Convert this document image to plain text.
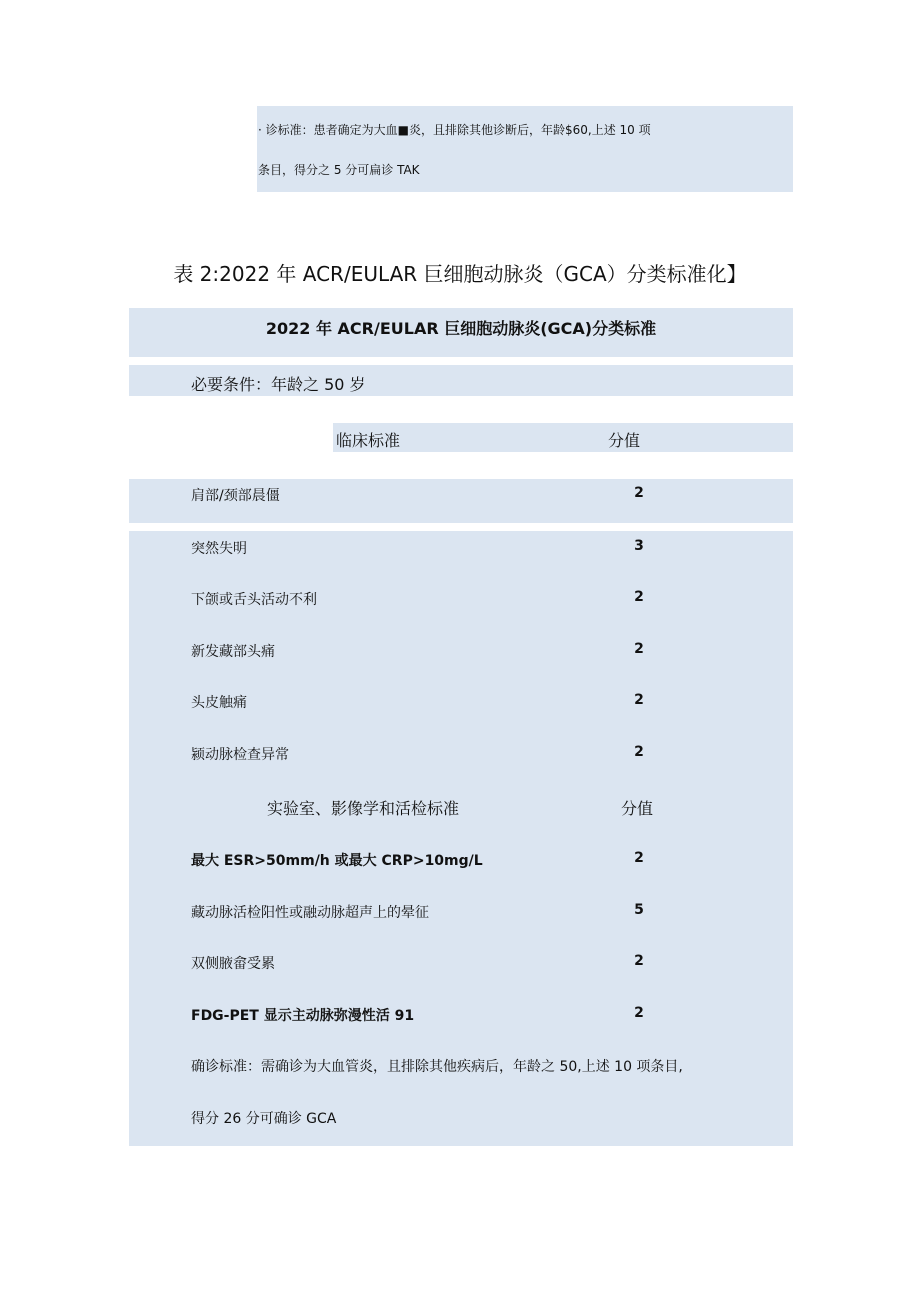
· 诊标准：患者确定为大血■炎，且排除其他诊断后，年龄$60,上述 10 项
条目，得分之 5 分可扁诊 TAK
表 2:2022 年 ACR/EULAR 巨细胞动脉炎（GCA）分类标准化】
2022 年 ACR/EULAR 巨细胞动脉炎(GCA)分类标准
必要条件：年龄之 50 岁
临床标准	分值
肩部/颈部晨僵	2
突然失明	3
下颌或舌头活动不利	2
新发藏部头痛	2
头皮触痛	2
颍动脉检查异常	2
实验室、影像学和活检标准	分值
最大 ESR>50mm/h 或最大 CRP>10mg/L	2
藏动脉活检阳性或融动脉超声上的晕征	5
双侧腋畲受累	2
FDG-PET 显示主动脉弥漫性活 91	2
确诊标准：需确诊为大血管炎，且排除其他疾病后，年龄之 50,上述 10 项条目,
得分 26 分可确诊 GCA
